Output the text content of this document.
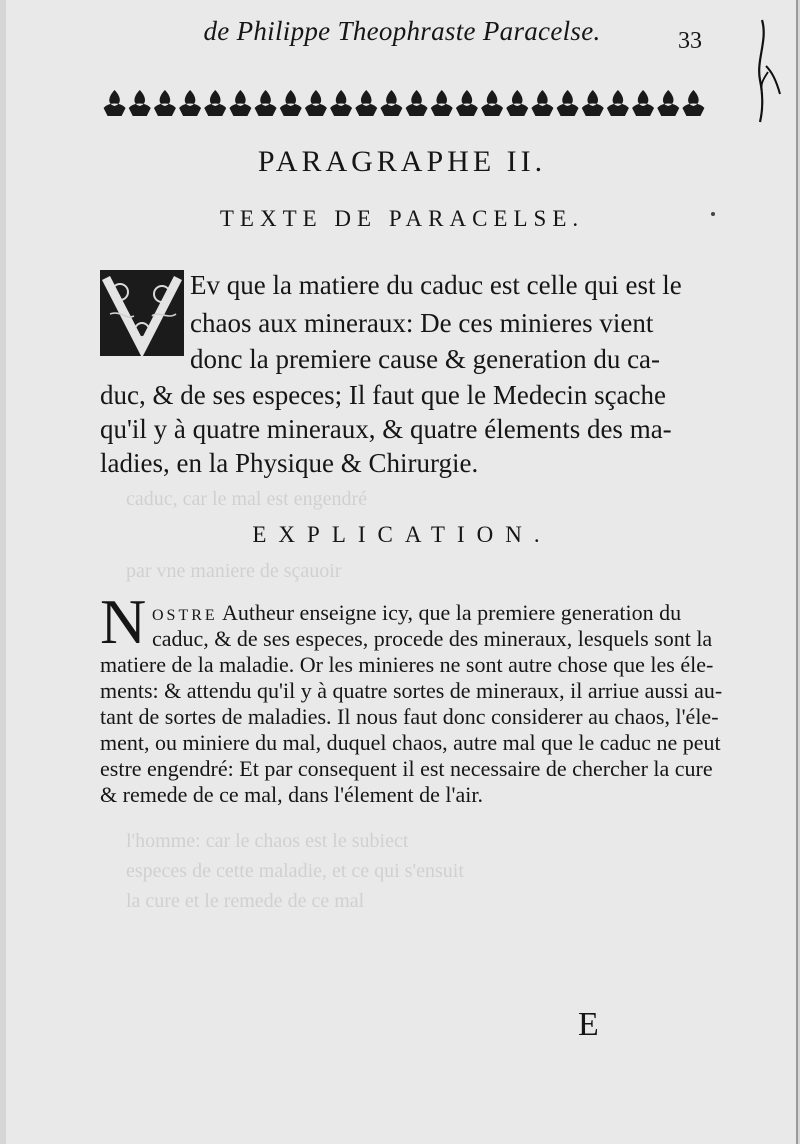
de Philippe Theophraste Paracelse.	33
PARAGRAPHE II.
TEXTE DE PARACELSE.
Ev que la matiere du caduc est celle qui est le
chaos aux mineraux: De ces minieres vient
donc la premiere cause & generation du ca-
duc, & de ses especes; Il faut que le Medecin sçache
qu'il y à quatre mineraux, & quatre élements des ma-
ladies, en la Physique & Chirurgie.
caduc, car le mal est engendré
par vne maniere de sçauoir
EXPLICATION.
N OSTRE Autheur enseigne icy, que la premiere generation du
caduc, & de ses especes, procede des mineraux, lesquels sont la
matiere de la maladie. Or les minieres ne sont autre chose que les éle-
ments: & attendu qu'il y à quatre sortes de mineraux, il arriue aussi au-
tant de sortes de maladies. Il nous faut donc considerer au chaos, l'éle-
ment, ou miniere du mal, duquel chaos, autre mal que le caduc ne peut
estre engendré: Et par consequent il est necessaire de chercher la cure
& remede de ce mal, dans l'élement de l'air.
l'homme: car le chaos est le subiect
especes de cette maladie, et ce qui s'ensuit
la cure et le remede de ce mal
E
